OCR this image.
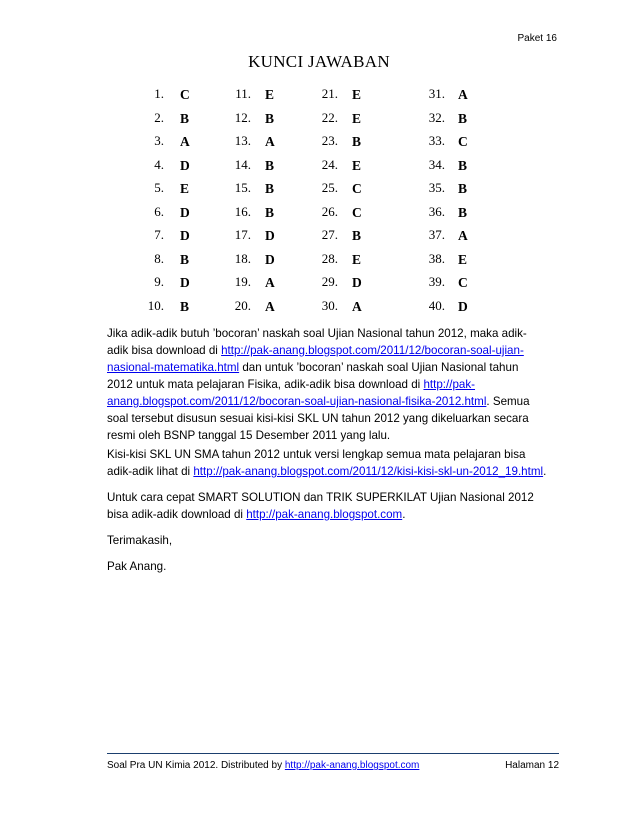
Paket 16
KUNCI JAWABAN
1. C
2. B
3. A
4. D
5. E
6. D
7. D
8. B
9. D
10. B
11. E
12. B
13. A
14. B
15. B
16. B
17. D
18. D
19. A
20. A
21. E
22. E
23. B
24. E
25. C
26. C
27. B
28. E
29. D
30. A
31. A
32. B
33. C
34. B
35. B
36. B
37. A
38. E
39. C
40. D
Jika adik-adik butuh ’bocoran’ naskah soal Ujian Nasional tahun 2012, maka adik-adik bisa download di http://pak-anang.blogspot.com/2011/12/bocoran-soal-ujian-nasional-matematika.html dan untuk ’bocoran’ naskah soal Ujian Nasional tahun 2012 untuk mata pelajaran Fisika, adik-adik bisa download di http://pak-anang.blogspot.com/2011/12/bocoran-soal-ujian-nasional-fisika-2012.html. Semua soal tersebut disusun sesuai kisi-kisi SKL UN tahun 2012 yang dikeluarkan secara resmi oleh BSNP tanggal 15 Desember 2011 yang lalu.
Kisi-kisi SKL UN SMA tahun 2012 untuk versi lengkap semua mata pelajaran bisa adik-adik lihat di http://pak-anang.blogspot.com/2011/12/kisi-kisi-skl-un-2012_19.html.
Untuk cara cepat SMART SOLUTION dan TRIK SUPERKILAT Ujian Nasional 2012 bisa adik-adik download di http://pak-anang.blogspot.com.
Terimakasih,
Pak Anang.
Soal Pra UN Kimia 2012. Distributed by http://pak-anang.blogspot.com	Halaman 12
